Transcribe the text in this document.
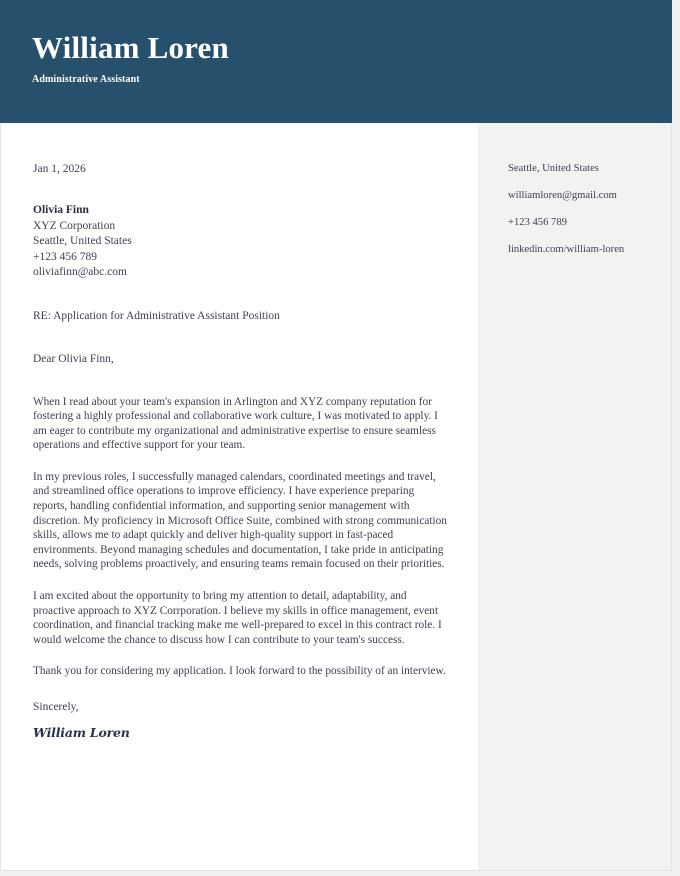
William Loren
Administrative Assistant
Jan 1, 2026
Olivia Finn
XYZ Corporation
Seattle, United States
+123 456 789
oliviafinn@abc.com
RE: Application for Administrative Assistant Position
Dear Olivia Finn,

When I read about your team's expansion in Arlington and XYZ company reputation for fostering a highly professional and collaborative work culture, I was motivated to apply. I am eager to contribute my organizational and administrative expertise to ensure seamless operations and effective support for your team.

In my previous roles, I successfully managed calendars, coordinated meetings and travel, and streamlined office operations to improve efficiency. I have experience preparing reports, handling confidential information, and supporting senior management with discretion. My proficiency in Microsoft Office Suite, combined with strong communication skills, allows me to adapt quickly and deliver high-quality support in fast-paced environments. Beyond managing schedules and documentation, I take pride in anticipating needs, solving problems proactively, and ensuring teams remain focused on their priorities.

I am excited about the opportunity to bring my attention to detail, adaptability, and proactive approach to XYZ Corrporation. I believe my skills in office management, event coordination, and financial tracking make me well-prepared to excel in this contract role. I would welcome the chance to discuss how I can contribute to your team's success.

Thank you for considering my application. I look forward to the possibility of an interview.

Sincerely,
William Loren
Seattle, United States
williamloren@gmail.com
+123 456 789
linkedin.com/william-loren
